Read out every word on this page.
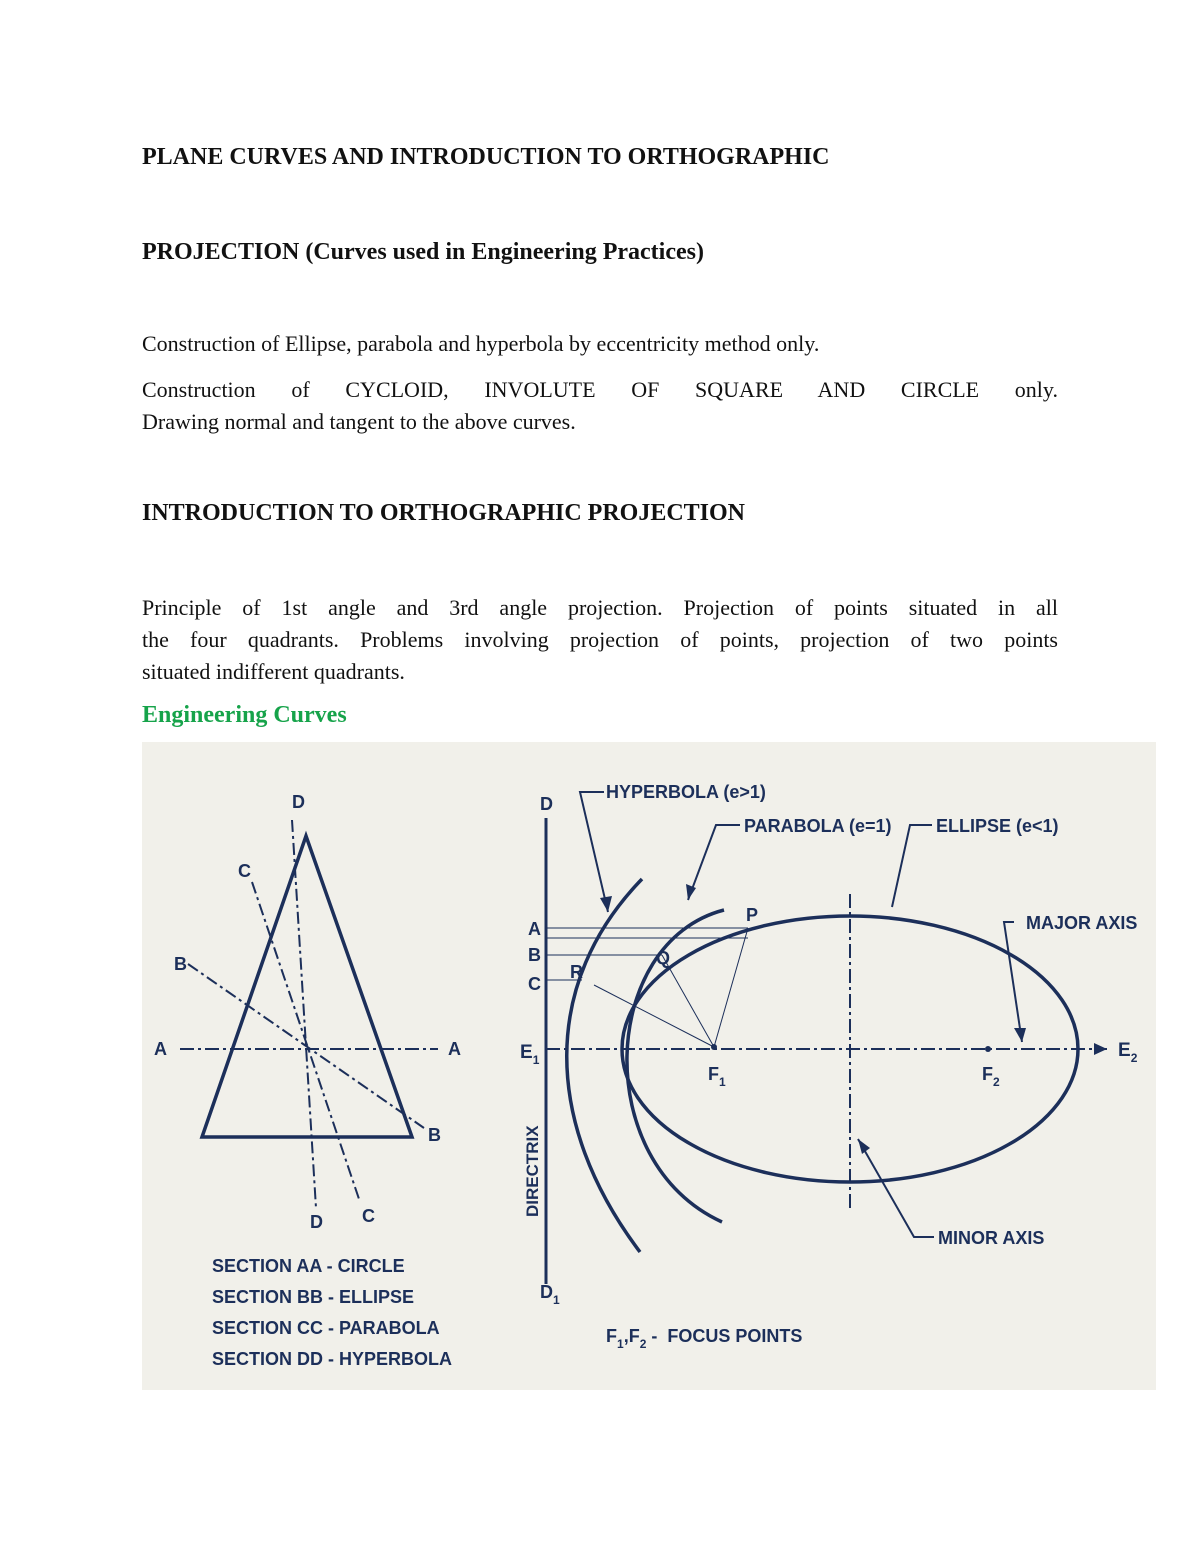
PLANE CURVES AND INTRODUCTION TO ORTHOGRAPHIC
PROJECTION (Curves used in Engineering Practices)

Construction of Ellipse, parabola and hyperbola by eccentricity method only.

Construction of CYCLOID, INVOLUTE OF SQUARE AND CIRCLE only.

Drawing normal and tangent to the above curves.

INTRODUCTION TO ORTHOGRAPHIC PROJECTION

Principle of 1st angle and 3rd angle projection. Projection of points situated in all

the four quadrants. Problems involving projection of points, projection of two points

situated indifferent quadrants.

Engineering Curves
D
C
B
A	A
B
D C
SECTION AA - CIRCLE
SECTION BB - ELLIPSE
SECTION CC - PARABOLA
SECTION DD - HYPERBOLA
HYPERBOLA (e>1)
PARABOLA (e=1) ELLIPSE (e<1)
MAJOR AXIS
MINOR AXIS
D
A
B
C
$E_1$
$D_1$
P
Q
R
$F_1$	$F_2$
$E_2$
DIRECTRIX
$F_1,F_2$ -  FOCUS POINTS
